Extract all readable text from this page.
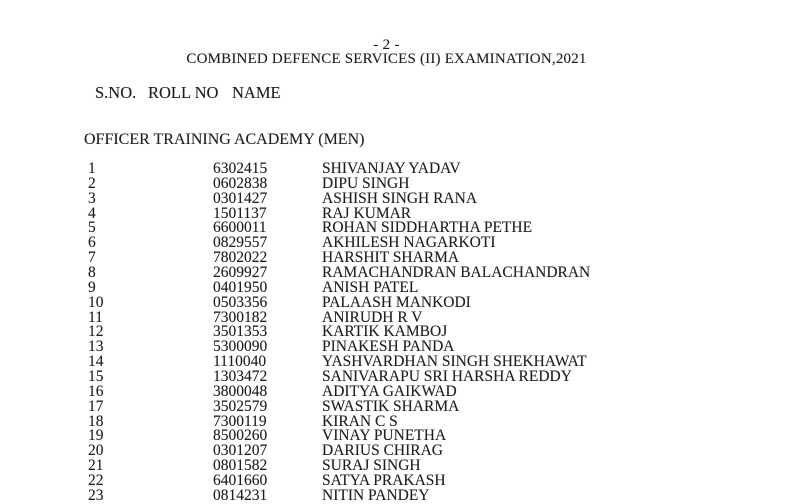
- 2 -
COMBINED DEFENCE SERVICES (II) EXAMINATION,2021
S.NO. ROLL NO NAME
OFFICER TRAINING ACADEMY (MEN)
1	6302415	SHIVANJAY YADAV
2	0602838	DIPU SINGH
3	0301427	ASHISH SINGH RANA
4	1501137	RAJ KUMAR
5	6600011	ROHAN SIDDHARTHA PETHE
6	0829557	AKHILESH NAGARKOTI
7	7802022	HARSHIT SHARMA
8	2609927	RAMACHANDRAN BALACHANDRAN
9	0401950	ANISH PATEL
10	0503356	PALAASH MANKODI
11	7300182	ANIRUDH R V
12	3501353	KARTIK KAMBOJ
13	5300090	PINAKESH PANDA
14	1110040	YASHVARDHAN SINGH SHEKHAWAT
15	1303472	SANIVARAPU SRI HARSHA REDDY
16	3800048	ADITYA GAIKWAD
17	3502579	SWASTIK SHARMA
18	7300119	KIRAN C S
19	8500260	VINAY PUNETHA
20	0301207	DARIUS CHIRAG
21	0801582	SURAJ SINGH
22	6401660	SATYA PRAKASH
23	0814231	NITIN PANDEY
